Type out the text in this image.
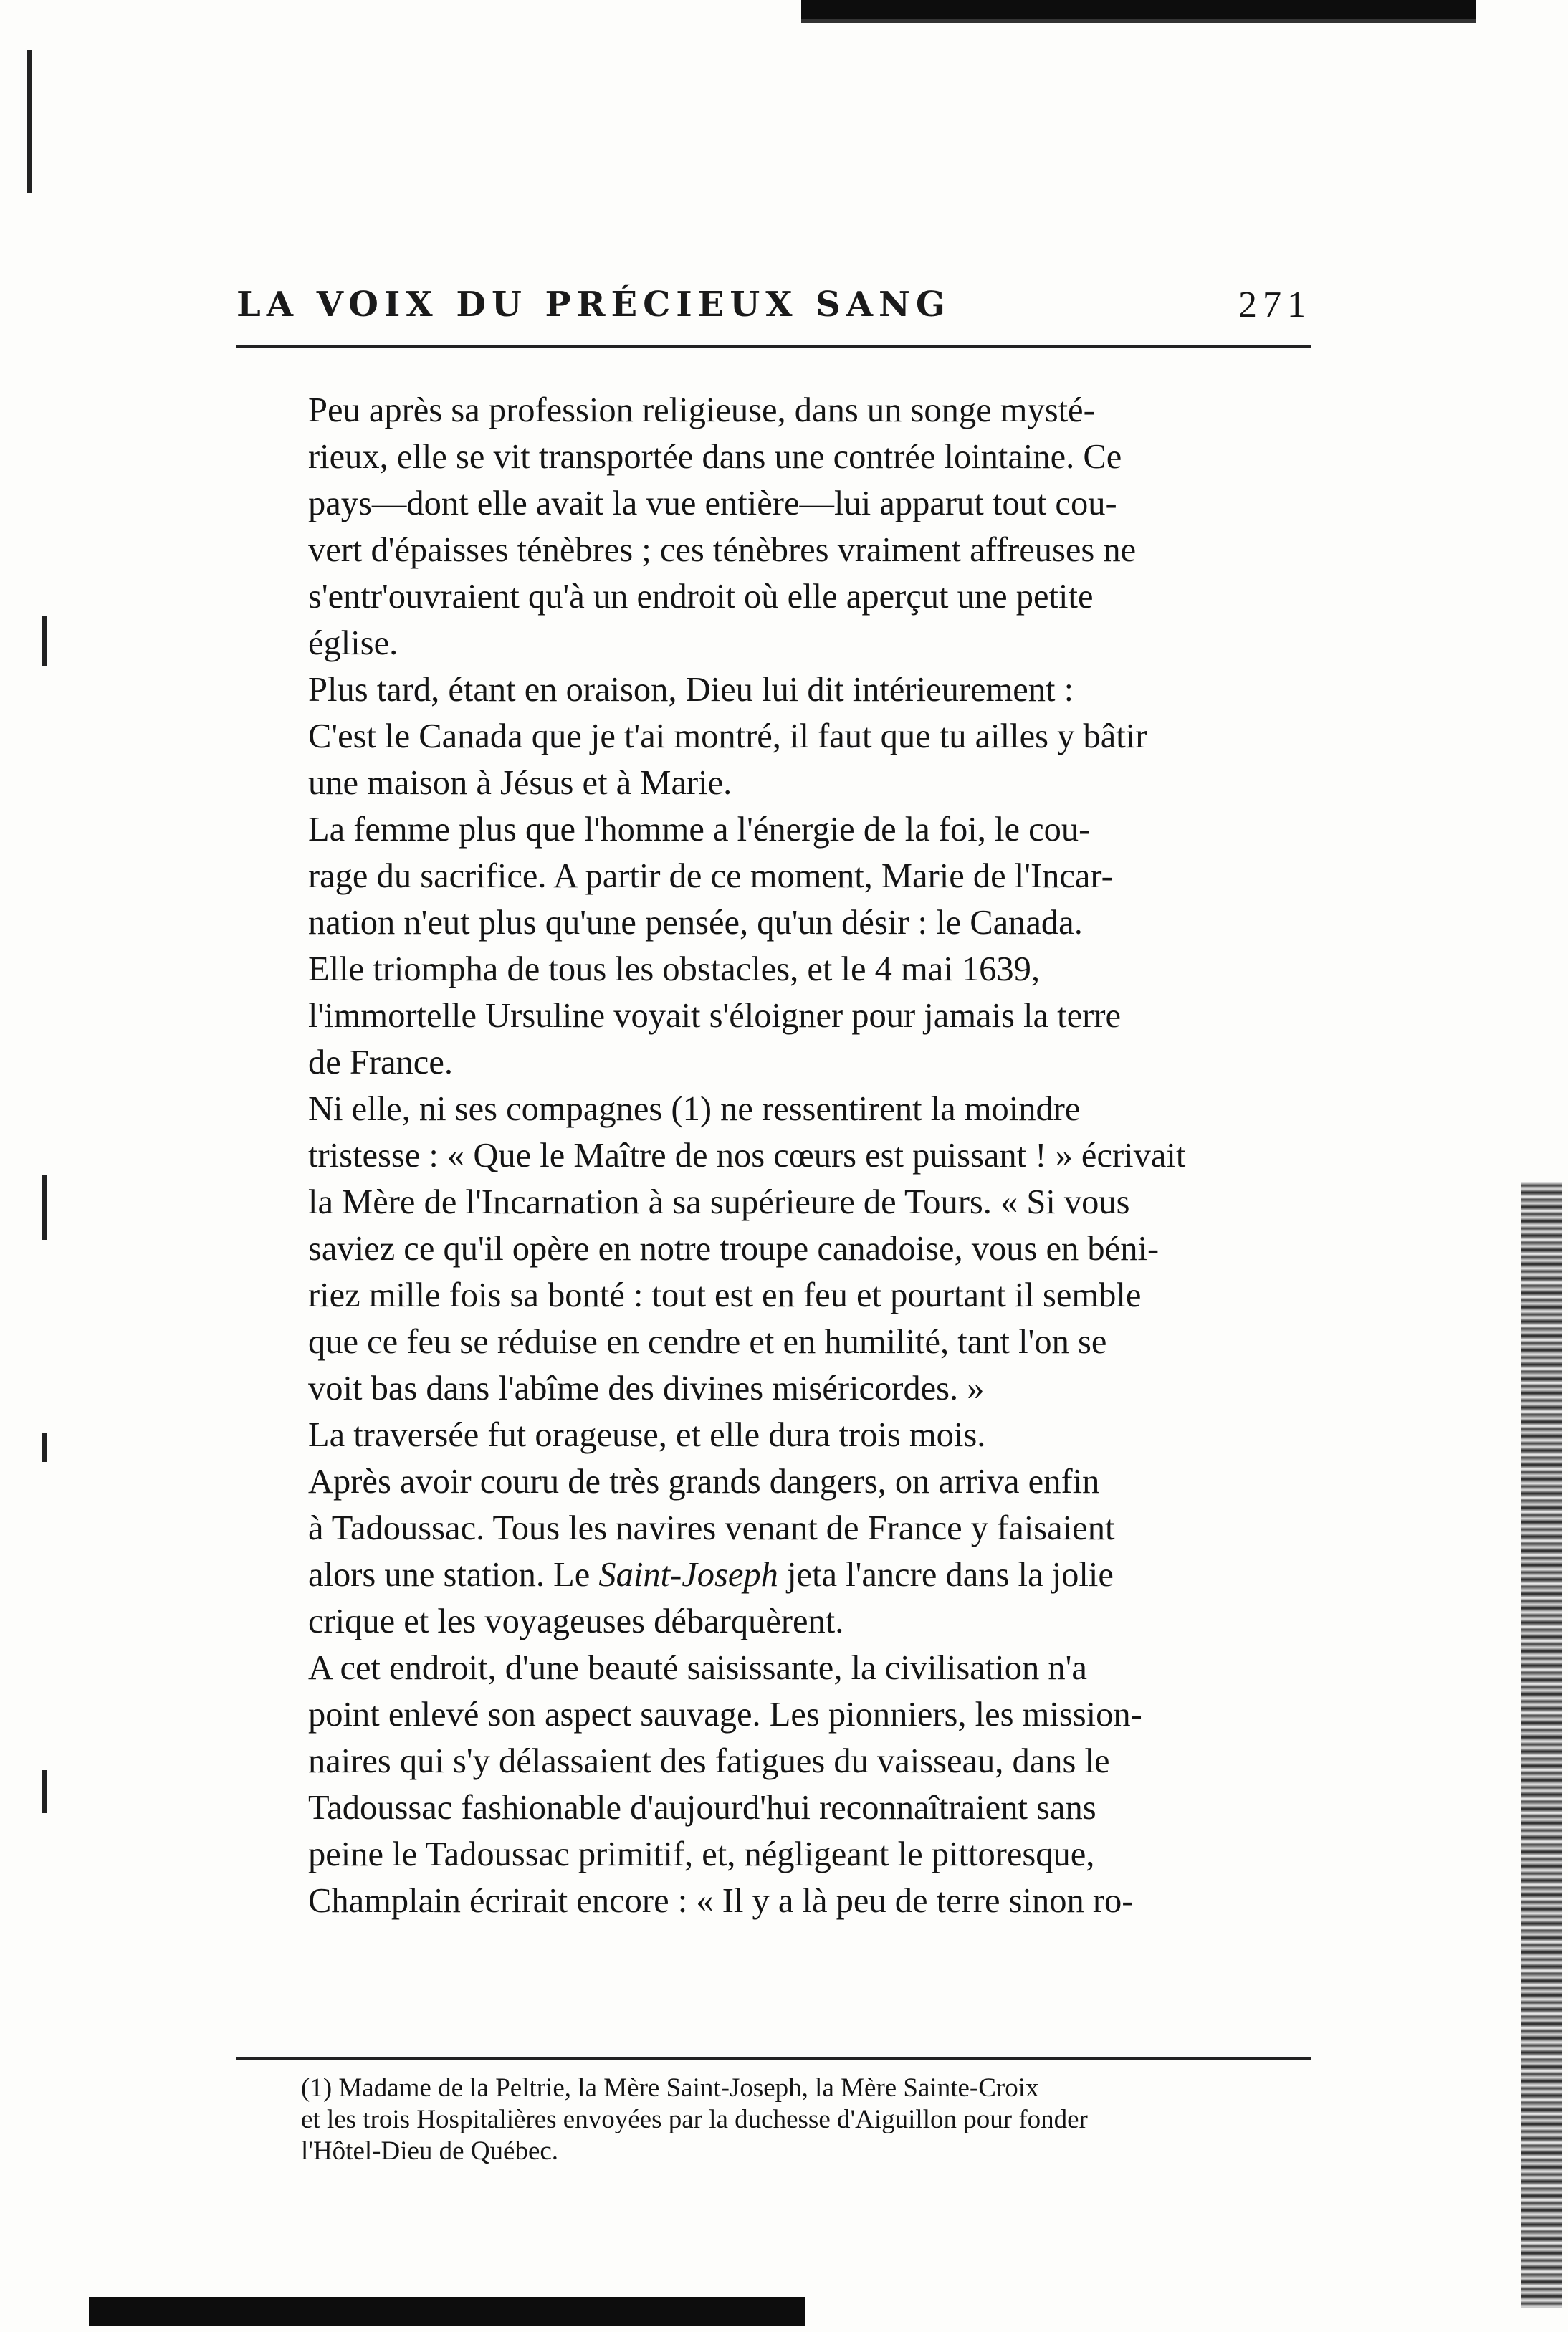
LA VOIX DU PRÉCIEUX SANG	271

Peu après sa profession religieuse, dans un songe mysté-
rieux, elle se vit transportée dans une contrée lointaine. Ce
pays—dont elle avait la vue entière—lui apparut tout cou-
vert d'épaisses ténèbres ; ces ténèbres vraiment affreuses ne
s'entr'ouvraient qu'à un endroit où elle aperçut une petite
église.

Plus tard, étant en oraison, Dieu lui dit intérieurement :
C'est le Canada que je t'ai montré, il faut que tu ailles y bâtir
une maison à Jésus et à Marie.

La femme plus que l'homme a l'énergie de la foi, le cou-
rage du sacrifice. A partir de ce moment, Marie de l'Incar-
nation n'eut plus qu'une pensée, qu'un désir : le Canada.

Elle triompha de tous les obstacles, et le 4 mai 1639,
l'immortelle Ursuline voyait s'éloigner pour jamais la terre
de France.

Ni elle, ni ses compagnes (1) ne ressentirent la moindre
tristesse : « Que le Maître de nos cœurs est puissant ! » écrivait
la Mère de l'Incarnation à sa supérieure de Tours. « Si vous
saviez ce qu'il opère en notre troupe canadoise, vous en béni-
riez mille fois sa bonté : tout est en feu et pourtant il semble
que ce feu se réduise en cendre et en humilité, tant l'on se
voit bas dans l'abîme des divines miséricordes. »

La traversée fut orageuse, et elle dura trois mois.

Après avoir couru de très grands dangers, on arriva enfin
à Tadoussac. Tous les navires venant de France y faisaient
alors une station. Le Saint-Joseph jeta l'ancre dans la jolie
crique et les voyageuses débarquèrent.

A cet endroit, d'une beauté saisissante, la civilisation n'a
point enlevé son aspect sauvage. Les pionniers, les mission-
naires qui s'y délassaient des fatigues du vaisseau, dans le
Tadoussac fashionable d'aujourd'hui reconnaîtraient sans
peine le Tadoussac primitif, et, négligeant le pittoresque,
Champlain écrirait encore : « Il y a là peu de terre sinon ro-

(1) Madame de la Peltrie, la Mère Saint-Joseph, la Mère Sainte-Croix
et les trois Hospitalières envoyées par la duchesse d'Aiguillon pour fonder
l'Hôtel-Dieu de Québec.
